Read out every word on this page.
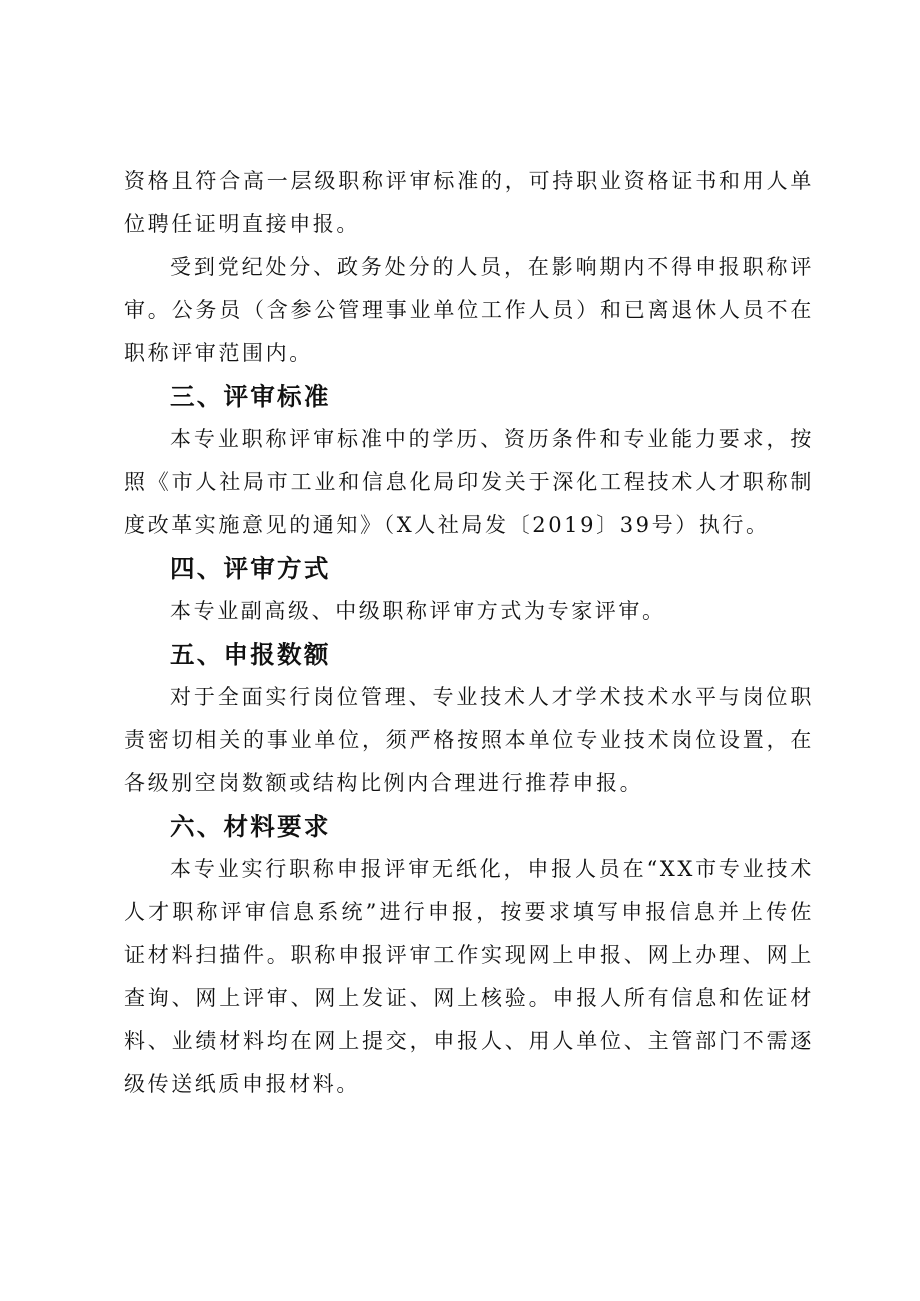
资格且符合高一层级职称评审标准的，可持职业资格证书和用人单位聘任证明直接申报。

受到党纪处分、政务处分的人员，在影响期内不得申报职称评审。公务员（含参公管理事业单位工作人员）和已离退休人员不在职称评审范围内。

三、评审标准

本专业职称评审标准中的学历、资历条件和专业能力要求，按照《市人社局市工业和信息化局印发关于深化工程技术人才职称制度改革实施意见的通知》（X人社局发〔2019〕39号）执行。

四、评审方式

本专业副高级、中级职称评审方式为专家评审。

五、申报数额

对于全面实行岗位管理、专业技术人才学术技术水平与岗位职责密切相关的事业单位，须严格按照本单位专业技术岗位设置，在各级别空岗数额或结构比例内合理进行推荐申报。

六、材料要求

本专业实行职称申报评审无纸化，申报人员在“XX市专业技术人才职称评审信息系统”进行申报，按要求填写申报信息并上传佐证材料扫描件。职称申报评审工作实现网上申报、网上办理、网上查询、网上评审、网上发证、网上核验。申报人所有信息和佐证材料、业绩材料均在网上提交，申报人、用人单位、主管部门不需逐级传送纸质申报材料。
